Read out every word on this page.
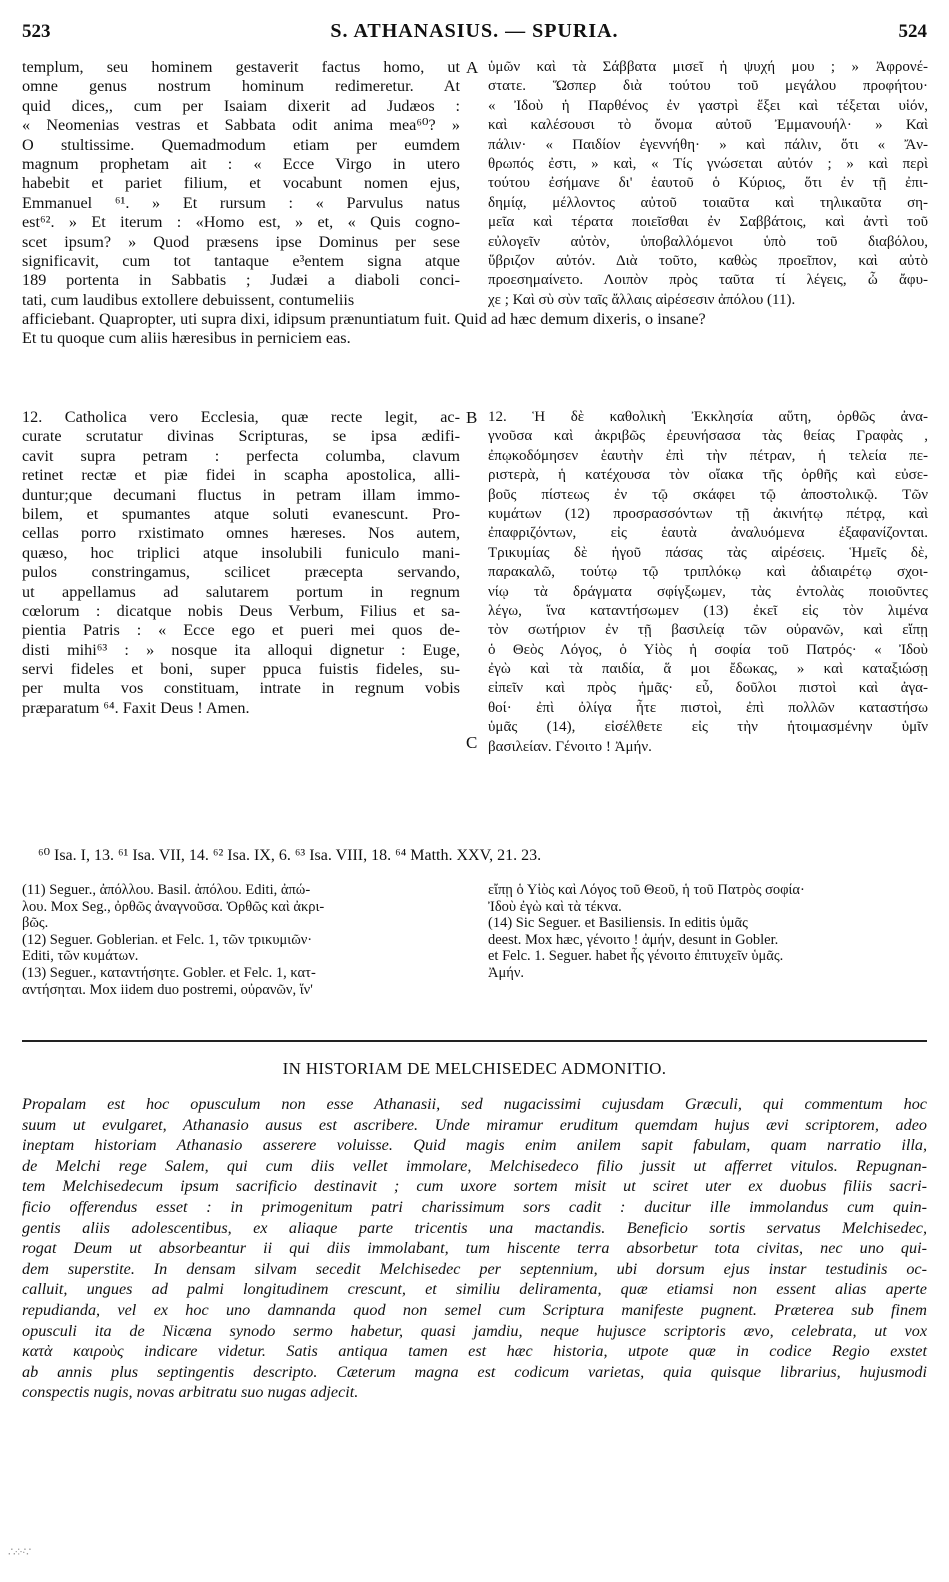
523	S. ATHANASIUS. — SPURIA.	524
templum, seu hominem gestaverit factus homo, ut
omne genus nostrum hominum redimeretur. At
quid dices,, cum per Isaiam dixerit ad Judæos :
« Neomenias vestras et Sabbata odit anima mea⁶⁰? »
O stultissime. Quemadmodum etiam per eumdem
magnum prophetam ait : « Ecce Virgo in utero
habebit et pariet filium, et vocabunt nomen ejus,
Emmanuel ⁶¹. » Et rursum : « Parvulus natus
est⁶². » Et iterum : «Homo est, » et, « Quis cogno-
scet ipsum? » Quod præsens ipse Dominus per sese
significavit, cum tot tantaque e³entem signa atque
189 portenta in Sabbatis ; Judæi a diaboli conci-
tati, cum laudibus extollere debuissent, contumeliis
ὑμῶν καὶ τὰ Σάββατα μισεῖ ἡ ψυχή μου ; » Ἀφρονέ-
στατε. Ὥσπερ διὰ τούτου τοῦ μεγάλου προφήτου·
« Ἰδοὺ ἡ Παρθένος ἐν γαστρὶ ἕξει καὶ τέξεται υἱόν,
καὶ καλέσουσι τὸ ὄνομα αὐτοῦ Ἐμμανουήλ· » Καὶ
πάλιν· « Παιδίον ἐγεννήθη· » καὶ πάλιν, ὅτι « Ἄν-
θρωπός ἐστι, » καὶ, « Τίς γνώσεται αὐτόν ; » καὶ περὶ
τούτου ἐσήμανε δι' ἑαυτοῦ ὁ Κύριος, ὅτι ἐν τῇ ἐπι-
δημίᾳ, μέλλοντος αὐτοῦ τοιαῦτα καὶ τηλικαῦτα ση-
μεῖα καὶ τέρατα ποιεῖσθαι ἐν Σαββάτοις, καὶ ἀντὶ τοῦ
εὐλογεῖν αὐτὸν, ὑποβαλλόμενοι ὑπὸ τοῦ διαβόλου,
ὕβριζον αὐτόν. Διὰ τοῦτο, καθὼς προεῖπον, καὶ αὐτὸ
προεσημαίνετο. Λοιπὸν πρὸς ταῦτα τί λέγεις, ὦ ἄφυ-
χε ; Καὶ σὺ σὺν ταῖς ἄλλαις αἱρέσεσιν ἀπόλου (11).
A
B
C
afficiebant. Quapropter, uti supra dixi, idipsum prænuntiatum fuit. Quid ad hæc demum dixeris, o insane?
Et tu quoque cum aliis hæresibus in perniciem eas.
12. Catholica vero Ecclesia, quæ recte legit, ac-
curate scrutatur divinas Scripturas, se ipsa ædifi-
cavit supra petram : perfecta columba, clavum
retinet rectæ et piæ fidei in scapha apostolica, alli-
duntur;que decumani fluctus in petram illam immo-
bilem, et spumantes atque soluti evanescunt. Pro-
cellas porro rxistimato omnes hæreses. Nos autem,
quæso, hoc triplici atque insolubili funiculo mani-
pulos constringamus, scilicet præcepta servando,
ut appellamus ad salutarem portum in regnum
cœlorum : dicatque nobis Deus Verbum, Filius et sa-
pientia Patris : « Ecce ego et pueri mei quos de-
disti mihi⁶³ : » nosque ita alloqui dignetur : Euge,
servi fideles et boni, super ppuca fuistis fideles, su-
per multa vos constituam, intrate in regnum vobis
præparatum ⁶⁴. Faxit Deus ! Amen.
12. Ἡ δὲ καθολικὴ Ἐκκλησία αὕτη, ὀρθῶς ἀνα-
γνοῦσα καὶ ἀκριβῶς ἐρευνήσασα τὰς θείας Γραφὰς ,
ἐπῳκοδόμησεν ἑαυτὴν ἐπὶ τὴν πέτραν, ἡ τελεία πε-
ριστερὰ, ἡ κατέχουσα τὸν οἴακα τῆς ὀρθῆς καὶ εὐσε-
βοῦς πίστεως ἐν τῷ σκάφει τῷ ἀποστολικῷ. Τῶν
κυμάτων (12) προσρασσόντων τῇ ἀκινήτῳ πέτρᾳ, καὶ
ἐπαφριζόντων, εἰς ἑαυτὰ ἀναλυόμενα ἐξαφανίζονται.
Τρικυμίας δὲ ἡγοῦ πάσας τὰς αἱρέσεις. Ἡμεῖς δὲ,
παρακαλῶ, τούτῳ τῷ τριπλόκῳ καὶ ἀδιαιρέτῳ σχοι-
νίῳ τὰ δράγματα σφίγξωμεν, τὰς ἐντολὰς ποιοῦντες
λέγω, ἵνα καταντήσωμεν (13) ἐκεῖ εἰς τὸν λιμένα
τὸν σωτήριον ἐν τῇ βασιλείᾳ τῶν οὐρανῶν, καὶ εἴπῃ
ὁ Θεὸς Λόγος, ὁ Υἱὸς ἡ σοφία τοῦ Πατρός· « Ἰδοὺ
ἐγὼ καὶ τὰ παιδία, ἅ μοι ἔδωκας, » καὶ καταξιώσῃ
εἰπεῖν καὶ πρὸς ἡμᾶς· εὖ, δοῦλοι πιστοὶ καὶ ἀγα-
θοί· ἐπὶ ὀλίγα ἦτε πιστοὶ, ἐπὶ πολλῶν καταστήσω
ὑμᾶς (14), εἰσέλθετε εἰς τὴν ἡτοιμασμένην ὑμῖν
βασιλείαν. Γένοιτο ! Ἀμήν.
⁶⁰ Isa. I, 13. ⁶¹ Isa. VII, 14. ⁶² Isa. IX, 6. ⁶³ Isa. VIII, 18. ⁶⁴ Matth. XXV, 21. 23.
(11) Seguer., ἀπόλλου. Basil. ἀπόλου. Editi, ἀπώ-
λου. Mox Seg., ὀρθῶς ἀναγνοῦσα. Ὀρθῶς καὶ ἀκρι-
βῶς.
(12) Seguer. Goblerian. et Felc. 1, τῶν τρικυμιῶν·
Editi, τῶν κυμάτων.
(13) Seguer., καταντήσητε. Gobler. et Felc. 1, κατ-
αντήσηται. Mox iidem duo postremi, οὐρανῶν, ἵν'
εἴπῃ ὁ Υἱὸς καὶ Λόγος τοῦ Θεοῦ, ἡ τοῦ Πατρὸς σοφία·
Ἰδοὺ ἐγὼ καὶ τὰ τέκνα.
(14) Sic Seguer. et Basiliensis. In editis ὑμᾶς
deest. Mox hæc, γένοιτο ! ἀμήν, desunt in Gobler.
et Felc. 1. Seguer. habet ἧς γένοιτο ἐπιτυχεῖν ὑμᾶς.
Ἀμήν.
IN HISTORIAM DE MELCHISEDEC ADMONITIO.
Propalam est hoc opusculum non esse Athanasii, sed nugacissimi cujusdam Græculi, qui commentum hoc
suum ut evulgaret, Athanasio ausus est ascribere. Unde miramur eruditum quemdam hujus ævi scriptorem, adeo
ineptam historiam Athanasio asserere voluisse. Quid magis enim anilem sapit fabulam, quam narratio illa,
de Melchi rege Salem, qui cum diis vellet immolare, Melchisedeco filio jussit ut afferret vitulos. Repugnan-
tem Melchisedecum ipsum sacrificio destinavit ; cum uxore sortem misit ut sciret uter ex duobus filiis sacri-
ficio offerendus esset : in primogenitum patri charissimum sors cadit : ducitur ille immolandus cum quin-
gentis aliis adolescentibus, ex aliaque parte tricentis una mactandis. Beneficio sortis servatus Melchisedec,
rogat Deum ut absorbeantur ii qui diis immolabant, tum hiscente terra absorbetur tota civitas, nec uno qui-
dem superstite. In densam silvam secedit Melchisedec per septennium, ubi dorsum ejus instar testudinis oc-
calluit, ungues ad palmi longitudinem crescunt, et similiu deliramenta, quæ etiamsi non essent alias aperte
repudianda, vel ex hoc uno damnanda quod non semel cum Scriptura manifeste pugnent. Præterea sub finem
opusculi ita de Nicæna synodo sermo habetur, quasi jamdiu, neque hujusce scriptoris ævo, celebrata, ut vox
κατὰ καιροὺς indicare videtur. Satis antiqua tamen est hæc historia, utpote quæ in codice Regio exstet
ab annis plus septingentis descripto. Cæterum magna est codicum varietas, quia quisque librarius, hujusmodi
conspectis nugis, novas arbitratu suo nugas adjecit.
∴⁘·∵
